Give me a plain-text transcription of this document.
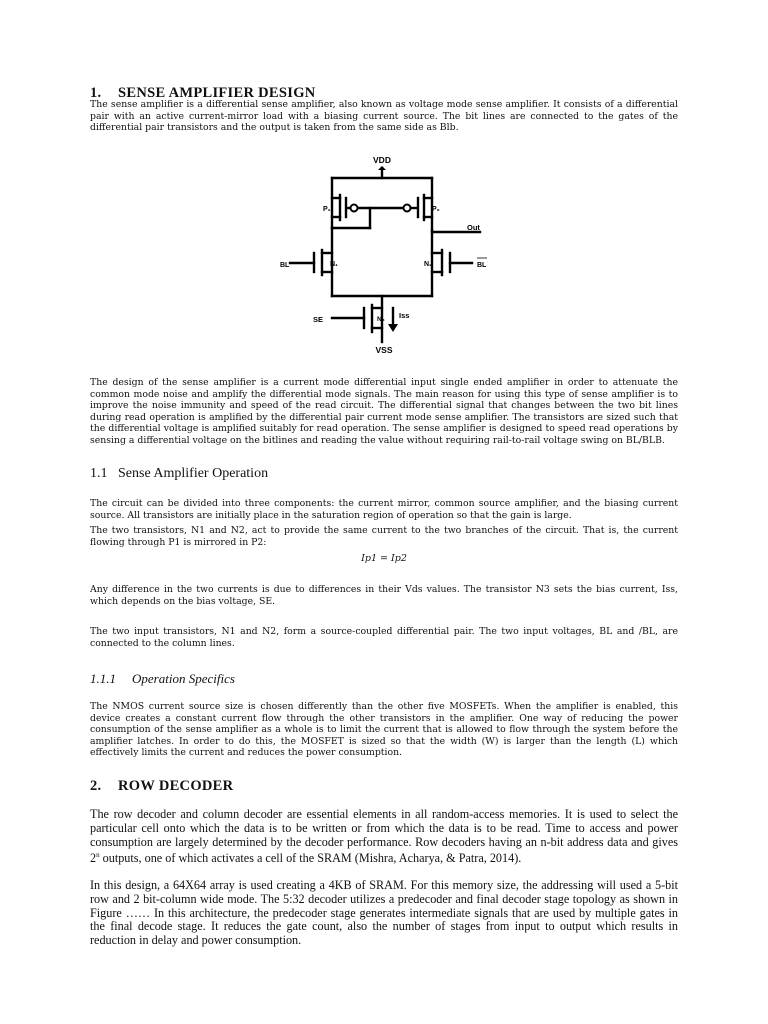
1. SENSE AMPLIFIER DESIGN

The sense amplifier is a differential sense amplifier, also known as voltage mode sense amplifier. It consists of a differential pair with an active current-mirror load with a biasing current source. The bit lines are connected to the gates of the differential pair transistors and the output is taken from the same side as Blb.

VDD
VSS
P₁	P₂
N₁	N₂
N₃
Out
BL	BL
SE	Iss

The design of the sense amplifier is a current mode differential input single ended amplifier in order to attenuate the common mode noise and amplify the differential mode signals. The main reason for using this type of sense amplifier is to improve the noise immunity and speed of the read circuit. The differential signal that changes between the two bit lines during read operation is amplified by the differential pair current mode sense amplifier. The transistors are sized such that the differential voltage is amplified suitably for read operation. The sense amplifier is designed to speed read operations by sensing a differential voltage on the bitlines and reading the value without requiring rail-to-rail voltage swing on BL/BLB.

1.1 Sense Amplifier Operation

The circuit can be divided into three components: the current mirror, common source amplifier, and the biasing current source. All transistors are initially place in the saturation region of operation so that the gain is large.

The two transistors, N1 and N2, act to provide the same current to the two branches of the circuit. That is, the current flowing through P1 is mirrored in P2:

Ip1 = Ip2

Any difference in the two currents is due to differences in their Vds values. The transistor N3 sets the bias current, Iss, which depends on the bias voltage, SE.

The two input transistors, N1 and N2, form a source-coupled differential pair. The two input voltages, BL and /BL, are connected to the column lines.

1.1.1 Operation Specifics

The NMOS current source size is chosen differently than the other five MOSFETs. When the amplifier is enabled, this device creates a constant current flow through the other transistors in the amplifier. One way of reducing the power consumption of the sense amplifier as a whole is to limit the current that is allowed to flow through the system before the amplifier latches. In order to do this, the MOSFET is sized so that the width (W) is larger than the length (L) which effectively limits the current and reduces the power consumption.

2. ROW DECODER

The row decoder and column decoder are essential elements in all random-access memories. It is used to select the particular cell onto which the data is to be written or from which the data is to be read. Time to access and power consumption are largely determined by the decoder performance. Row decoders having an n-bit address data and gives 2$^n$ outputs, one of which activates a cell of the SRAM (Mishra, Acharya, & Patra, 2014).

In this design, a 64X64 array is used creating a 4KB of SRAM. For this memory size, the addressing will used a 5-bit row and 2 bit-column wide mode. The 5:32 decoder utilizes a predecoder and final decoder stage topology as shown in Figure …… In this architecture, the predecoder stage generates intermediate signals that are used by multiple gates in the final decode stage. It reduces the gate count, also the number of stages from input to output which results in reduction in delay and power consumption.
